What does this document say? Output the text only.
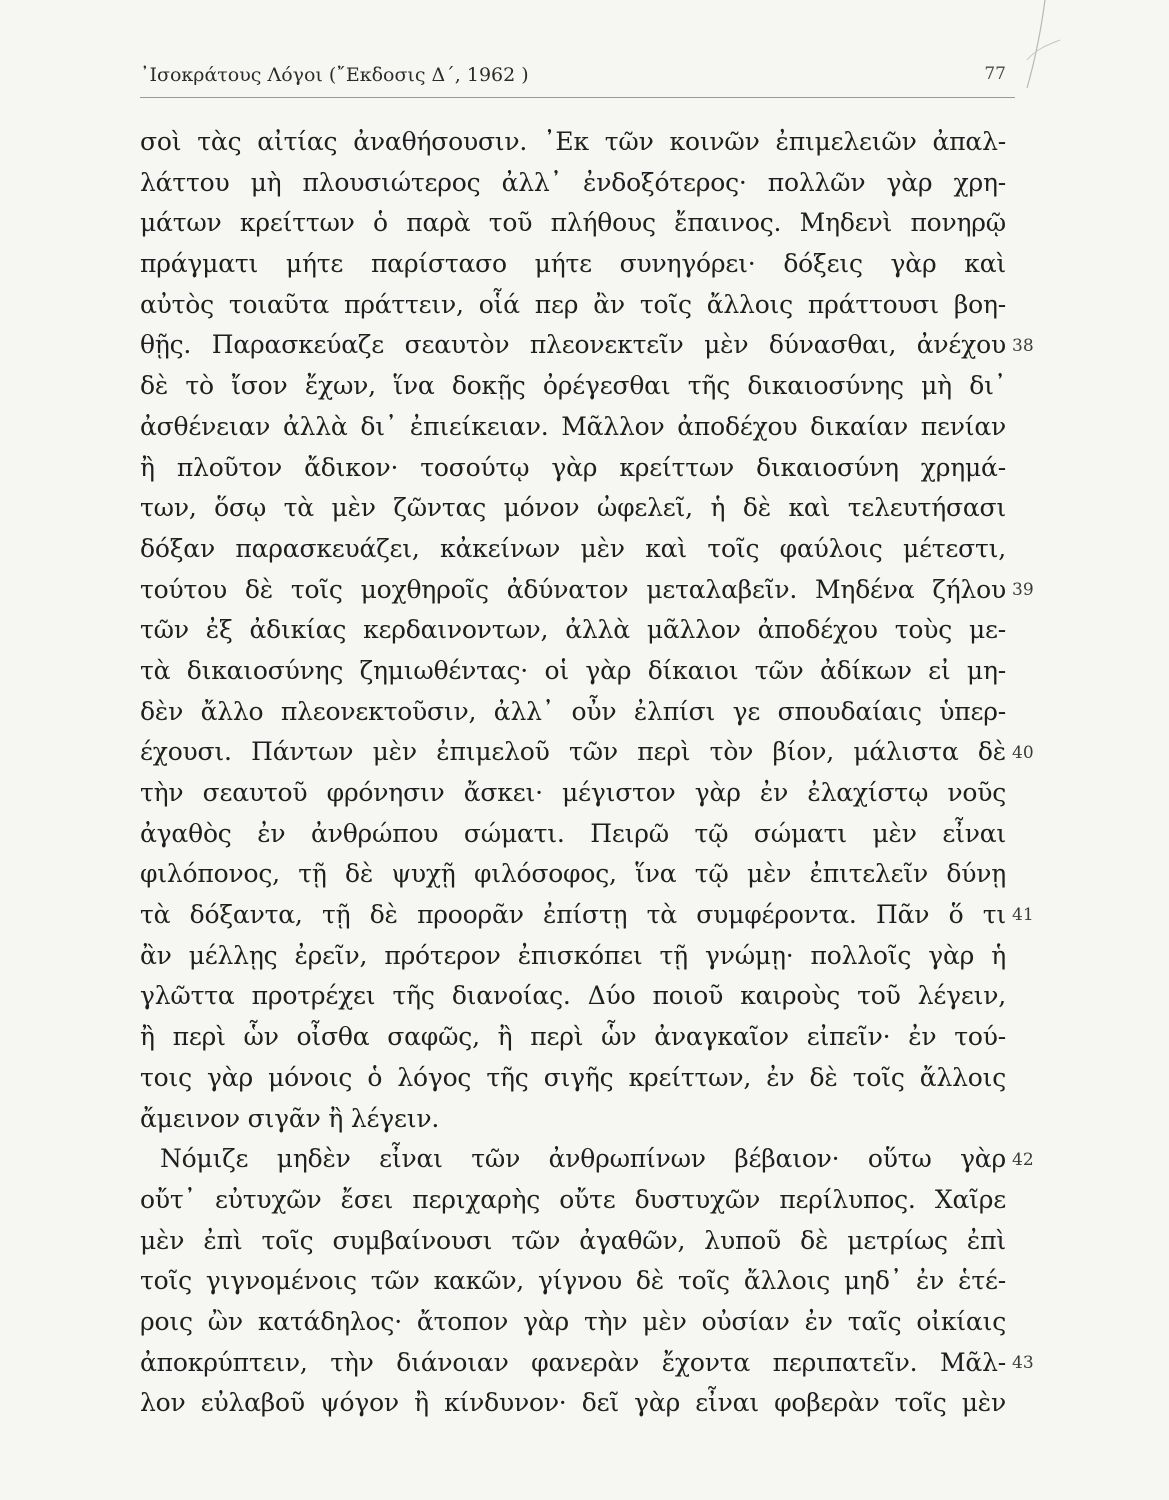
᾽Ισοκράτους Λόγοι (῎Εκδοσις Δ΄, 1962 )	77
σοὶ τὰς αἰτίας ἀναθήσουσιν. ᾽Εκ τῶν κοινῶν ἐπιμελειῶν ἀπαλ-
λάττου μὴ πλουσιώτερος ἀλλ᾽ ἐνδοξότερος· πολλῶν γὰρ χρη-
μάτων κρείττων ὁ παρὰ τοῦ πλήθους ἔπαινος. Μηδενὶ πονηρῷ
πράγματι μήτε παρίστασο μήτε συνηγόρει· δόξεις γὰρ καὶ
αὐτὸς τοιαῦτα πράττειν, οἷά περ ἂν τοῖς ἄλλοις πράττουσι βοη-
θῇς. Παρασκεύαζε σεαυτὸν πλεονεκτεῖν μὲν δύνασθαι, ἀνέχου
δὲ τὸ ἴσον ἔχων, ἵνα δοκῇς ὀρέγεσθαι τῆς δικαιοσύνης μὴ δι᾽
ἀσθένειαν ἀλλὰ δι᾽ ἐπιείκειαν. Μᾶλλον ἀποδέχου δικαίαν πενίαν
ἢ πλοῦτον ἄδικον· τοσούτῳ γὰρ κρείττων δικαιοσύνη χρημά-
των, ὅσῳ τὰ μὲν ζῶντας μόνον ὠφελεῖ, ἡ δὲ καὶ τελευτήσασι
δόξαν παρασκευάζει, κἀκείνων μὲν καὶ τοῖς φαύλοις μέτεστι,
τούτου δὲ τοῖς μοχθηροῖς ἀδύνατον μεταλαβεῖν. Μηδένα ζήλου
τῶν ἐξ ἀδικίας κερδαινοντων, ἀλλὰ μᾶλλον ἀποδέχου τοὺς με-
τὰ δικαιοσύνης ζημιωθέντας· οἱ γὰρ δίκαιοι τῶν ἀδίκων εἰ μη-
δὲν ἄλλο πλεονεκτοῦσιν, ἀλλ᾽ οὖν ἐλπίσι γε σπουδαίαις ὑπερ-
έχουσι. Πάντων μὲν ἐπιμελοῦ τῶν περὶ τὸν βίον, μάλιστα δὲ
τὴν σεαυτοῦ φρόνησιν ἄσκει· μέγιστον γὰρ ἐν ἐλαχίστῳ νοῦς
ἀγαθὸς ἐν ἀνθρώπου σώματι. Πειρῶ τῷ σώματι μὲν εἶναι
φιλόπονος, τῇ δὲ ψυχῇ φιλόσοφος, ἵνα τῷ μὲν ἐπιτελεῖν δύνῃ
τὰ δόξαντα, τῇ δὲ προορᾶν ἐπίστῃ τὰ συμφέροντα. Πᾶν ὅ τι
ἂν μέλλῃς ἐρεῖν, πρότερον ἐπισκόπει τῇ γνώμῃ· πολλοῖς γὰρ ἡ
γλῶττα προτρέχει τῆς διανοίας. Δύο ποιοῦ καιροὺς τοῦ λέγειν,
ἢ περὶ ὧν οἶσθα σαφῶς, ἢ περὶ ὧν ἀναγκαῖον εἰπεῖν· ἐν τού-
τοις γὰρ μόνοις ὁ λόγος τῆς σιγῆς κρείττων, ἐν δὲ τοῖς ἄλλοις
ἄμεινον σιγᾶν ἢ λέγειν.
Νόμιζε μηδὲν εἶναι τῶν ἀνθρωπίνων βέβαιον· οὕτω γὰρ
οὔτ᾽ εὐτυχῶν ἔσει περιχαρὴς οὔτε δυστυχῶν περίλυπος. Χαῖρε
μὲν ἐπὶ τοῖς συμβαίνουσι τῶν ἀγαθῶν, λυποῦ δὲ μετρίως ἐπὶ
τοῖς γιγνομένοις τῶν κακῶν, γίγνου δὲ τοῖς ἄλλοις μηδ᾽ ἐν ἑτέ-
ροις ὢν κατάδηλος· ἄτοπον γὰρ τὴν μὲν οὐσίαν ἐν ταῖς οἰκίαις
ἀποκρύπτειν, τὴν διάνοιαν φανερὰν ἔχοντα περιπατεῖν. Μᾶλ-
λον εὐλαβοῦ ψόγον ἢ κίνδυνον· δεῖ γὰρ εἶναι φοβερὰν τοῖς μὲν
38
39
40
41
42
43
